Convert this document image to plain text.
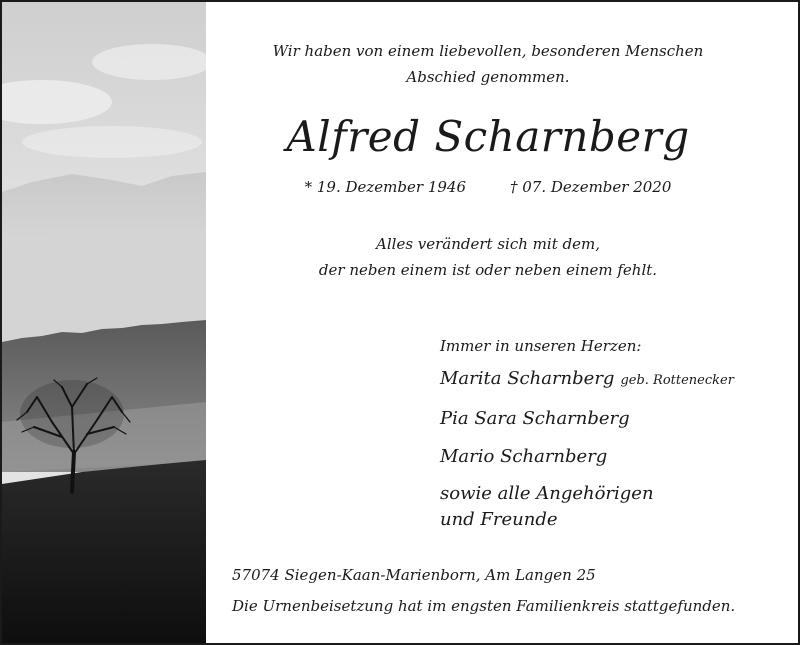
Wir haben von einem liebevollen, besonderen Menschen
Abschied genommen.

Alfred Scharnberg
* 19. Dezember 1946	† 07. Dezember 2020

Alles verändert sich mit dem,
der neben einem ist oder neben einem fehlt.

Immer in unseren Herzen:

Marita Scharnberg geb. Rottenecker

Pia Sara Scharnberg

Mario Scharnberg

sowie alle Angehörigen
und Freunde

57074 Siegen-Kaan-Marienborn, Am Langen 25

Die Urnenbeisetzung hat im engsten Familienkreis stattgefunden.
